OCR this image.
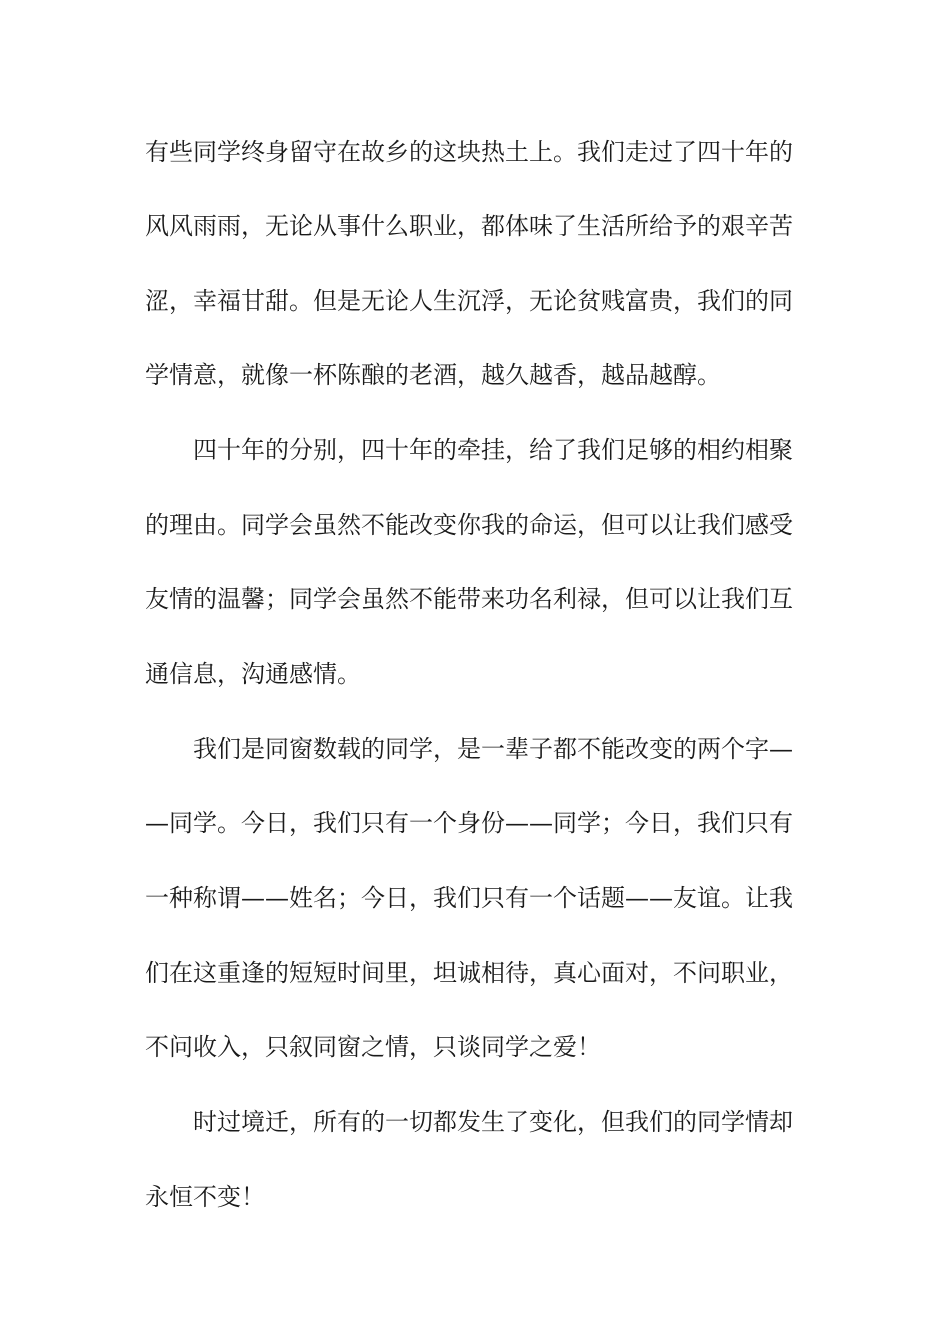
有些同学终身留守在故乡的这块热土上。我们走过了四十年的
风风雨雨，无论从事什么职业，都体味了生活所给予的艰辛苦
涩，幸福甘甜。但是无论人生沉浮，无论贫贱富贵，我们的同
学情意，就像一杯陈酿的老酒，越久越香，越品越醇。
　　四十年的分别，四十年的牵挂，给了我们足够的相约相聚
的理由。同学会虽然不能改变你我的命运，但可以让我们感受
友情的温馨；同学会虽然不能带来功名利禄，但可以让我们互
通信息，沟通感情。
　　我们是同窗数载的同学，是一辈子都不能改变的两个字—
—同学。今日，我们只有一个身份——同学；今日，我们只有
一种称谓——姓名；今日，我们只有一个话题——友谊。让我
们在这重逢的短短时间里，坦诚相待，真心面对，不问职业，
不问收入，只叙同窗之情，只谈同学之爱！
　　时过境迁，所有的一切都发生了变化，但我们的同学情却
永恒不变！
